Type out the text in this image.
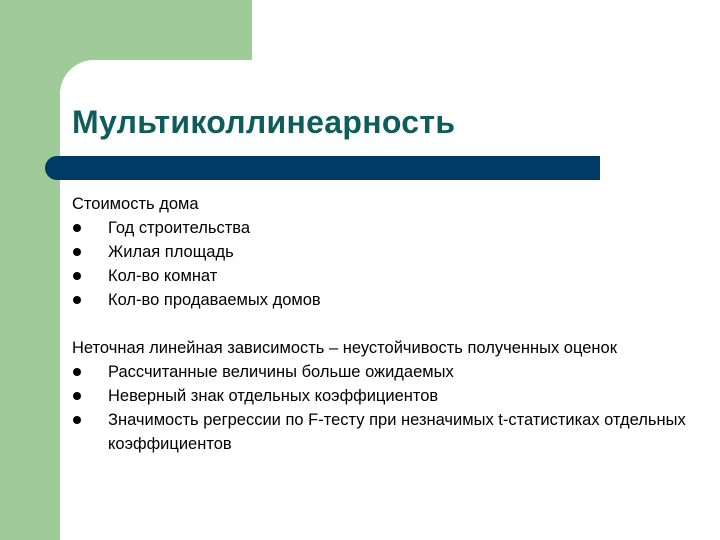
Мультиколлинеарность
Стоимость дома
Год строительства
Жилая площадь
Кол-во комнат
Кол-во продаваемых домов
Неточная линейная зависимость – неустойчивость полученных оценок
Рассчитанные величины больше ожидаемых
Неверный знак отдельных коэффициентов
Значимость регрессии по F-тесту при незначимых t-статистиках отдельных коэффициентов
